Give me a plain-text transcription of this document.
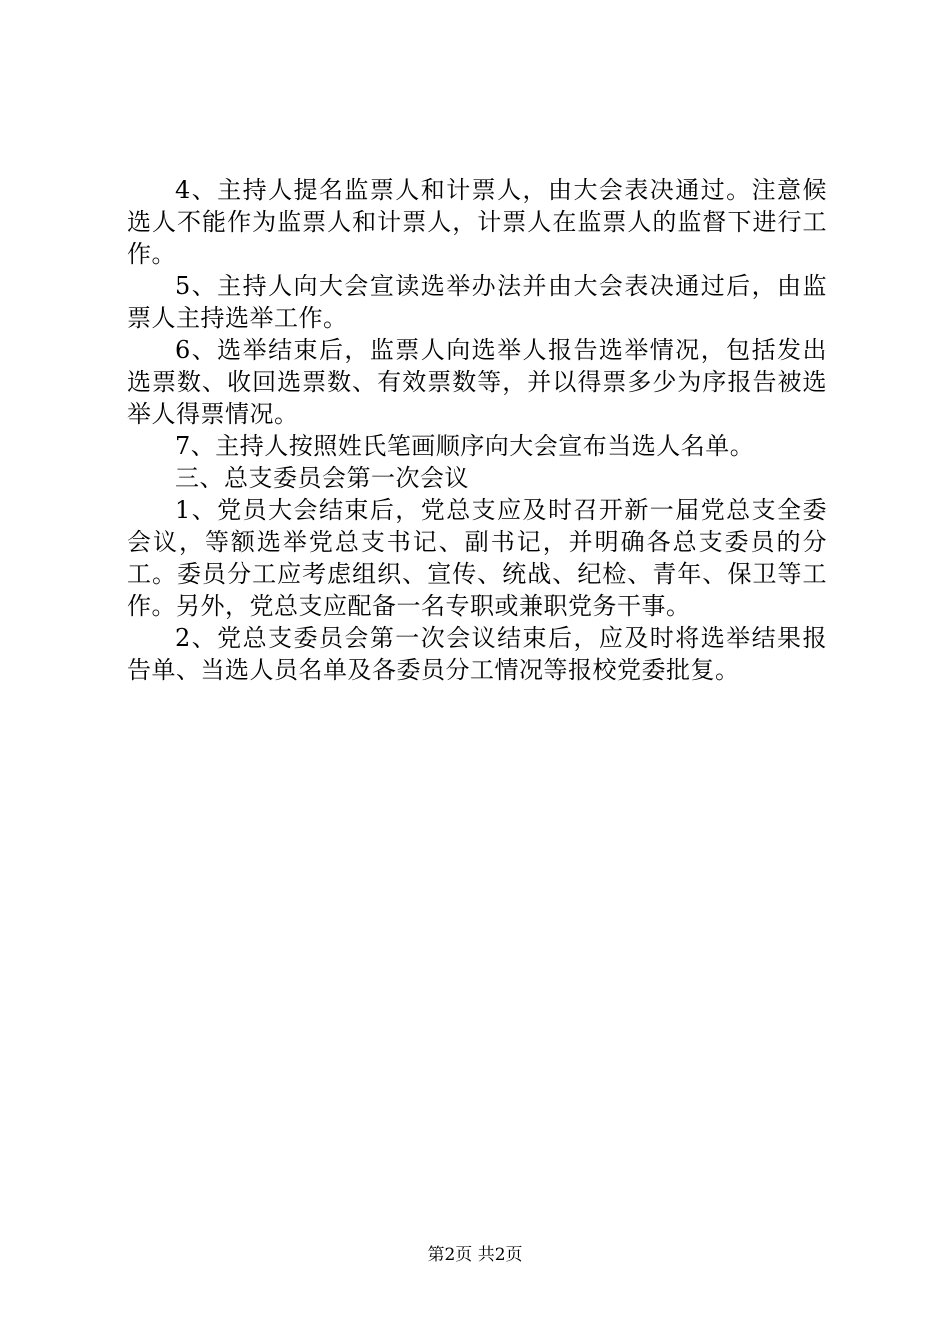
4、主持人提名监票人和计票人，由大会表决通过。注意候选人不能作为监票人和计票人，计票人在监票人的监督下进行工作。

5、主持人向大会宣读选举办法并由大会表决通过后，由监票人主持选举工作。

6、选举结束后，监票人向选举人报告选举情况，包括发出选票数、收回选票数、有效票数等，并以得票多少为序报告被选举人得票情况。

7、主持人按照姓氏笔画顺序向大会宣布当选人名单。

三、总支委员会第一次会议

1、党员大会结束后，党总支应及时召开新一届党总支全委会议，等额选举党总支书记、副书记，并明确各总支委员的分工。委员分工应考虑组织、宣传、统战、纪检、青年、保卫等工作。另外，党总支应配备一名专职或兼职党务干事。

2、党总支委员会第一次会议结束后，应及时将选举结果报告单、当选人员名单及各委员分工情况等报校党委批复。

第2页 共2页
